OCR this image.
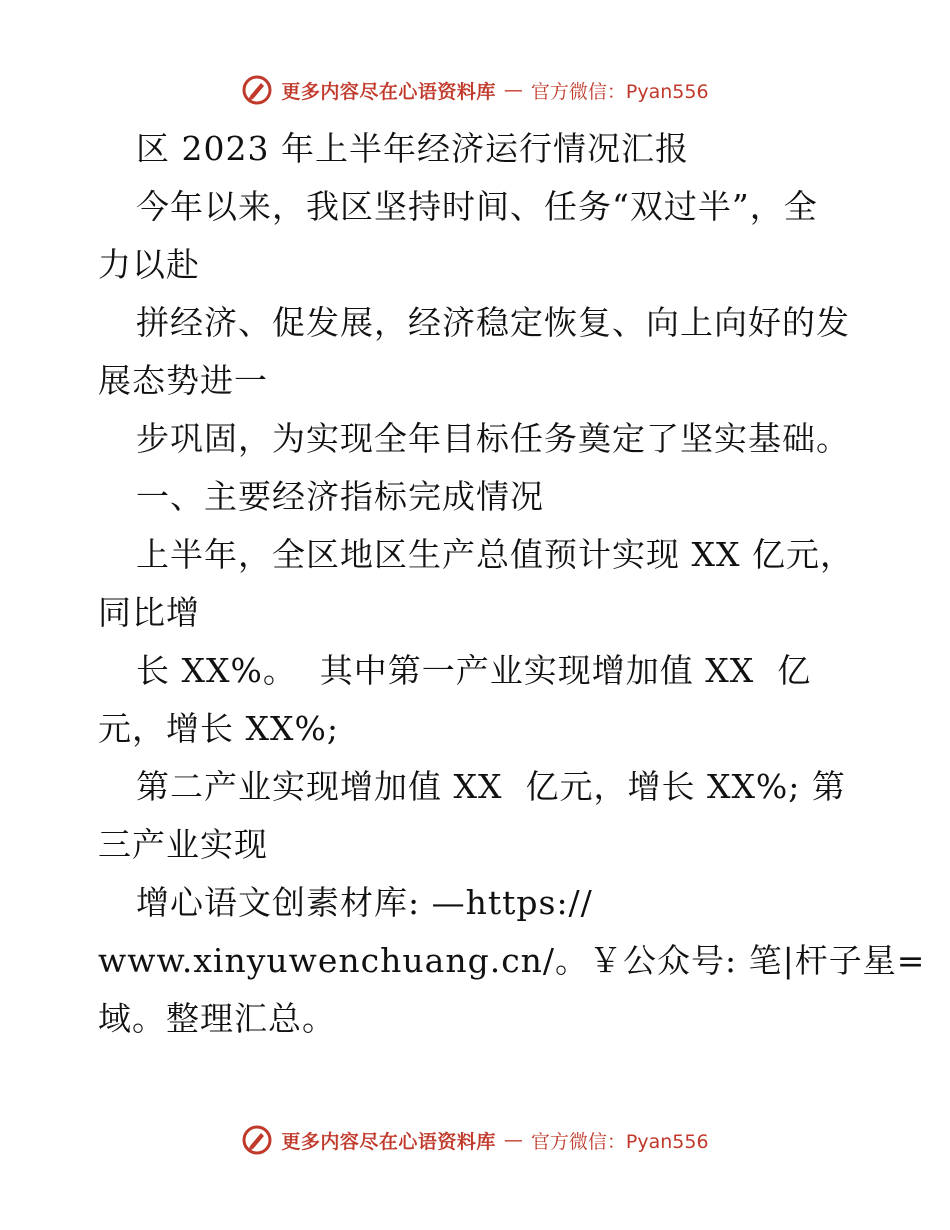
更多内容尽在心语资料库 — 官方微信：Pyan556
区 2023 年上半年经济运行情况汇报
今年以来，我区坚持时间、任务“双过半”，全
力以赴
拼经济、促发展，经济稳定恢复、向上向好的发
展态势进一
步巩固，为实现全年目标任务奠定了坚实基础。
一、主要经济指标完成情况
上半年，全区地区生产总值预计实现 XX 亿元，
同比增
长 XX%。  其中第一产业实现增加值 XX  亿
元，增长 XX%;
第二产业实现增加值 XX  亿元，增长 XX%; 第
三产业实现
增心语文创素材库: —https://
www.xinyuwenchuang.cn/。￥公众号: 笔|杆子星=
域。整理汇总。
更多内容尽在心语资料库 — 官方微信：Pyan556
